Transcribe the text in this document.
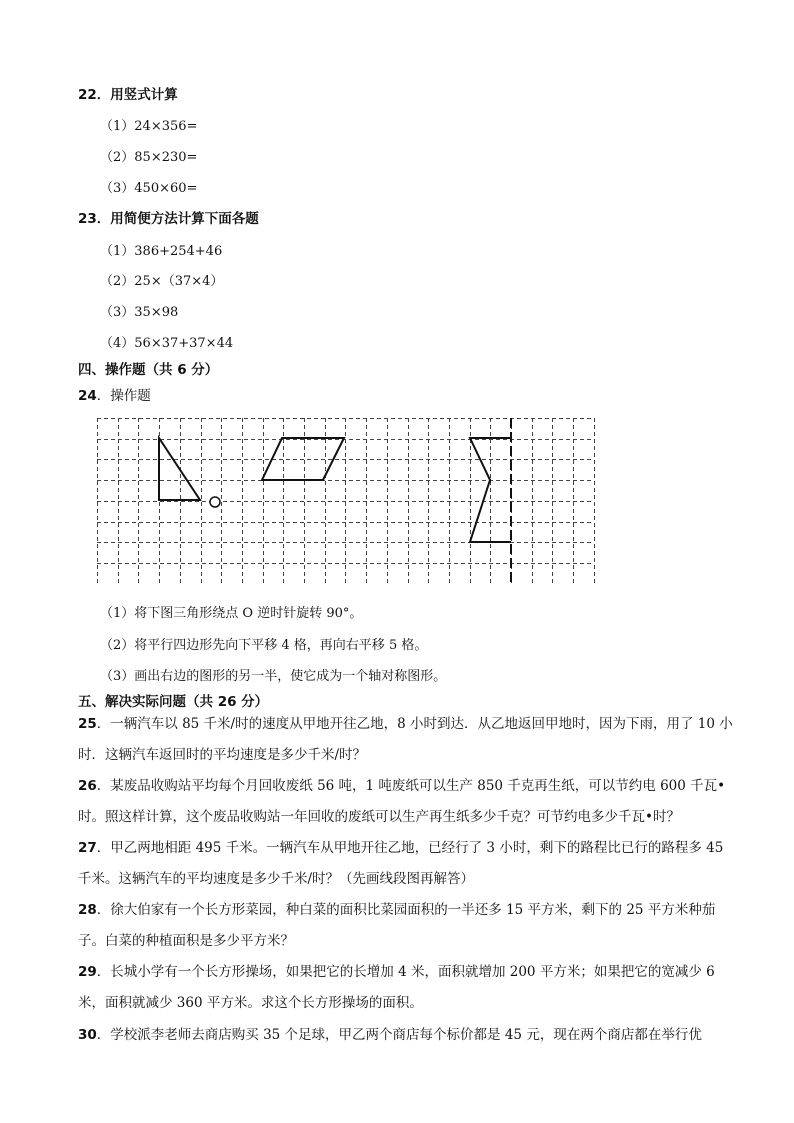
22．用竖式计算
（1）24×356=
（2）85×230=
（3）450×60=
23．用简便方法计算下面各题
（1）386+254+46
（2）25×（37×4）
（3）35×98
（4）56×37+37×44
四、操作题（共 6 分）
24．操作题
（1）将下图三角形绕点 O 逆时针旋转 90°。
（2）将平行四边形先向下平移 4 格，再向右平移 5 格。
（3）画出右边的图形的另一半，使它成为一个轴对称图形。
五、解决实际问题（共 26 分）
25．一辆汽车以 85 千米/时的速度从甲地开往乙地，8 小时到达．从乙地返回甲地时，因为下雨，用了 10 小时．这辆汽车返回时的平均速度是多少千米/时？
26．某废品收购站平均每个月回收废纸 56 吨，1 吨废纸可以生产 850 千克再生纸，可以节约电 600 千瓦•时。照这样计算，这个废品收购站一年回收的废纸可以生产再生纸多少千克？可节约电多少千瓦•时？
27．甲乙两地相距 495 千米。一辆汽车从甲地开往乙地，已经行了 3 小时，剩下的路程比已行的路程多 45 千米。这辆汽车的平均速度是多少千米/时？（先画线段图再解答）
28．徐大伯家有一个长方形菜园，种白菜的面积比菜园面积的一半还多 15 平方米，剩下的 25 平方米种茄子。白菜的种植面积是多少平方米？
29．长城小学有一个长方形操场，如果把它的长增加 4 米，面积就增加 200 平方米；如果把它的宽减少 6 米，面积就减少 360 平方米。求这个长方形操场的面积。
30．学校派李老师去商店购买 35 个足球，甲乙两个商店每个标价都是 45 元，现在两个商店都在举行优
